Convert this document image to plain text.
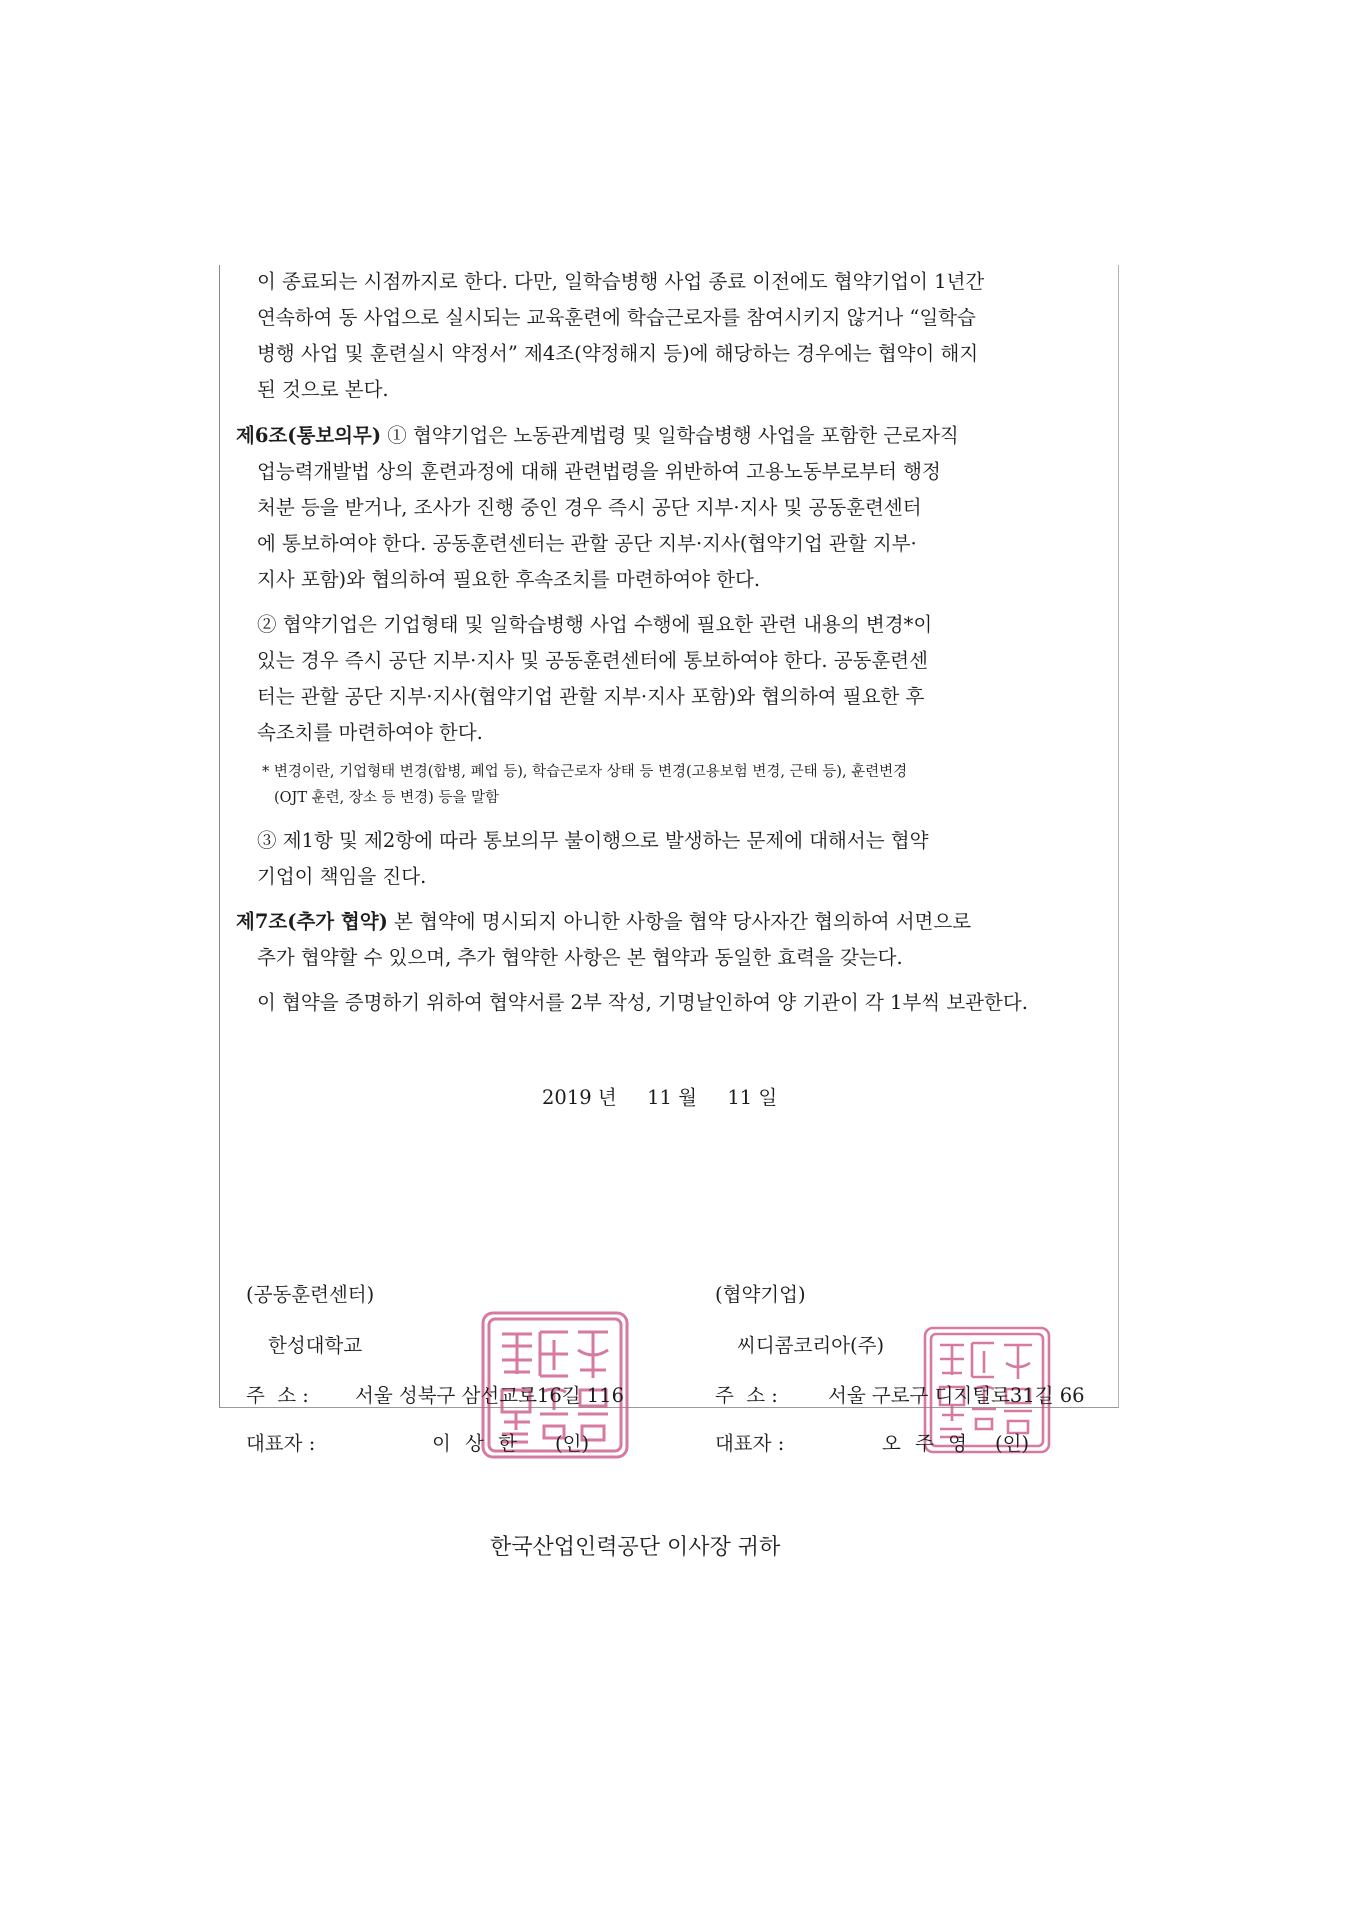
이 종료되는 시점까지로 한다. 다만, 일학습병행 사업 종료 이전에도 협약기업이 1년간
연속하여 동 사업으로 실시되는 교육훈련에 학습근로자를 참여시키지 않거나 “일학습
병행 사업 및 훈련실시 약정서” 제4조(약정해지 등)에 해당하는 경우에는 협약이 해지
된 것으로 본다.
제6조(통보의무) ① 협약기업은 노동관계법령 및 일학습병행 사업을 포함한 근로자직
업능력개발법 상의 훈련과정에 대해 관련법령을 위반하여 고용노동부로부터 행정
처분 등을 받거나, 조사가 진행 중인 경우 즉시 공단 지부·지사 및 공동훈련센터
에 통보하여야 한다. 공동훈련센터는 관할 공단 지부·지사(협약기업 관할 지부·
지사 포함)와 협의하여 필요한 후속조치를 마련하여야 한다.
② 협약기업은 기업형태 및 일학습병행 사업 수행에 필요한 관련 내용의 변경*이
있는 경우 즉시 공단 지부·지사 및 공동훈련센터에 통보하여야 한다. 공동훈련센
터는 관할 공단 지부·지사(협약기업 관할 지부·지사 포함)와 협의하여 필요한 후
속조치를 마련하여야 한다.
* 변경이란, 기업형태 변경(합병, 폐업 등), 학습근로자 상태 등 변경(고용보험 변경, 근태 등), 훈련변경
(OJT 훈련, 장소 등 변경) 등을 말함
③ 제1항 및 제2항에 따라 통보의무 불이행으로 발생하는 문제에 대해서는 협약
기업이 책임을 진다.
제7조(추가 협약) 본 협약에 명시되지 아니한 사항을 협약 당사자간 협의하여 서면으로
추가 협약할 수 있으며, 추가 협약한 사항은 본 협약과 동일한 효력을 갖는다.
이 협약을 증명하기 위하여 협약서를 2부 작성, 기명날인하여 양 기관이 각 1부씩 보관한다.
2019 년 11 월 11 일
(공동훈련센터)
한성대학교
주  소 : 서울 성북구 삼선교로16길 116
대표자 :	이 상 한 (인)
(협약기업)
씨디콤코리아(주)
주  소 :	서울 구로구 디지털로31길 66
대표자 :	오 주 영 (인)
한국산업인력공단 이사장 귀하
